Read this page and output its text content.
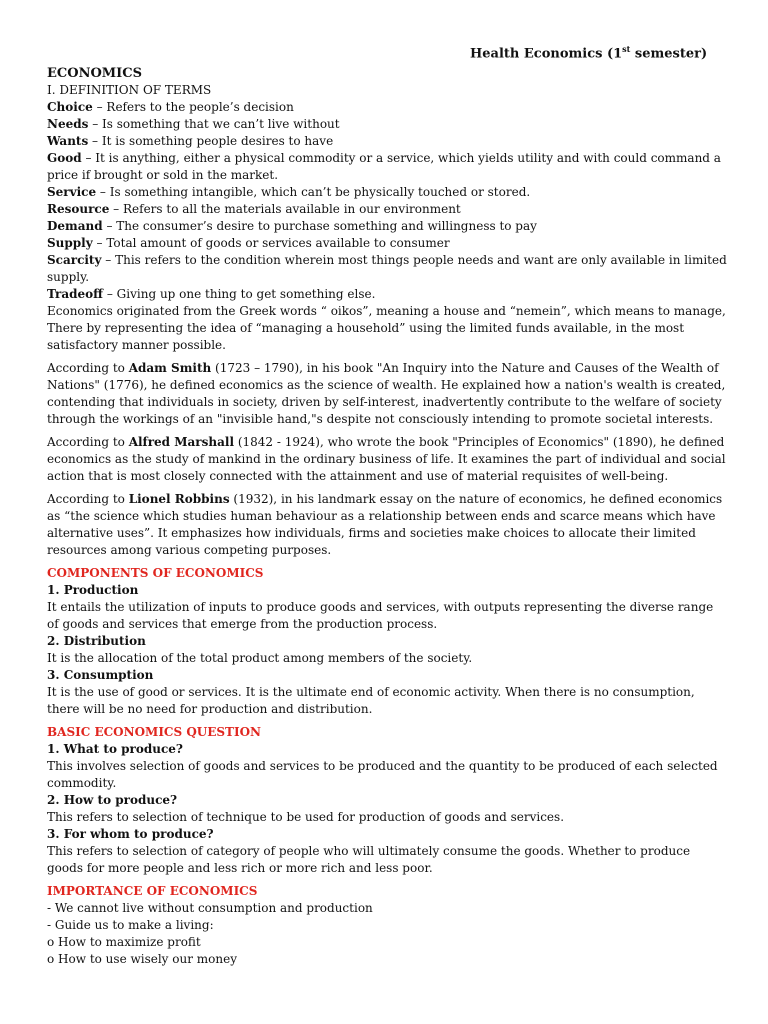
Health Economics (1st semester)

ECONOMICS

I. DEFINITION OF TERMS

Choice – Refers to the people’s decision

Needs – Is something that we can’t live without

Wants – It is something people desires to have

Good – It is anything, either a physical commodity or a service, which yields utility and with could command a price if brought or sold in the market.

Service – Is something intangible, which can’t be physically touched or stored.

Resource – Refers to all the materials available in our environment

Demand – The consumer’s desire to purchase something and willingness to pay

Supply – Total amount of goods or services available to consumer

Scarcity – This refers to the condition wherein most things people needs and want are only available in limited supply.

Tradeoff – Giving up one thing to get something else.

Economics originated from the Greek words “ oikos”, meaning a house and “nemein”, which means to manage, There by representing the idea of “managing a household” using the limited funds available, in the most satisfactory manner possible.

According to Adam Smith (1723 – 1790), in his book "An Inquiry into the Nature and Causes of the Wealth of Nations" (1776), he defined economics as the science of wealth. He explained how a nation's wealth is created, contending that individuals in society, driven by self-interest, inadvertently contribute to the welfare of society through the workings of an "invisible hand,"s despite not consciously intending to promote societal interests.

According to Alfred Marshall (1842 - 1924), who wrote the book "Principles of Economics" (1890), he defined economics as the study of mankind in the ordinary business of life. It examines the part of individual and social action that is most closely connected with the attainment and use of material requisites of well-being.

According to Lionel Robbins (1932), in his landmark essay on the nature of economics, he defined economics as “the science which studies human behaviour as a relationship between ends and scarce means which have alternative uses”. It emphasizes how individuals, firms and societies make choices to allocate their limited resources among various competing purposes.

COMPONENTS OF ECONOMICS

1. Production

It entails the utilization of inputs to produce goods and services, with outputs representing the diverse range of goods and services that emerge from the production process.

2. Distribution

It is the allocation of the total product among members of the society.

3. Consumption

It is the use of good or services. It is the ultimate end of economic activity. When there is no consumption, there will be no need for production and distribution.

BASIC ECONOMICS QUESTION

1. What to produce?

This involves selection of goods and services to be produced and the quantity to be produced of each selected commodity.

2. How to produce?

This refers to selection of technique to be used for production of goods and services.

3. For whom to produce?

This refers to selection of category of people who will ultimately consume the goods. Whether to produce goods for more people and less rich or more rich and less poor.

IMPORTANCE OF ECONOMICS

- We cannot live without consumption and production

- Guide us to make a living:

o How to maximize profit

o How to use wisely our money
